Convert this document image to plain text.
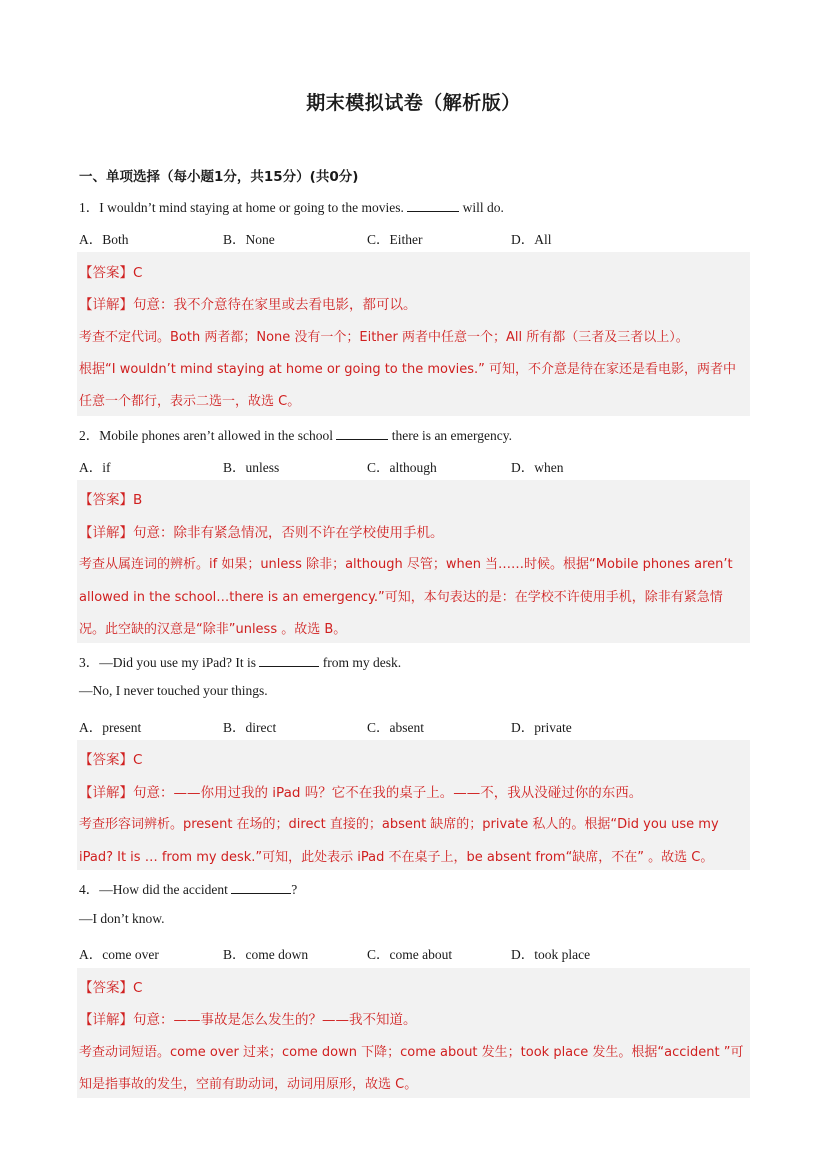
期末模拟试卷（解析版）
一、单项选择（每小题1分，共15分）(共0分)
1．I wouldn’t mind staying at home or going to the movies.	will do.
A．Both	B．None	C．Either	D．All
【答案】C
【详解】句意：我不介意待在家里或去看电影，都可以。
考查不定代词。Both 两者都；None 没有一个；Either 两者中任意一个；All 所有都（三者及三者以上）。
根据“I wouldn’t mind staying at home or going to the movies.” 可知，不介意是待在家还是看电影，两者中
任意一个都行，表示二选一，故选 C。
2．Mobile phones aren’t allowed in the school	there is an emergency.
A．if	B．unless	C．although	D．when
【答案】B
【详解】句意：除非有紧急情况，否则不许在学校使用手机。
考查从属连词的辨析。if 如果；unless 除非；although 尽管；when 当……时候。根据“Mobile phones aren’t
allowed in the school…there is an emergency.”可知，本句表达的是：在学校不许使用手机，除非有紧急情
况。此空缺的汉意是“除非”unless 。故选 B。
3．—Did you use my iPad? It is	from my desk.
—No, I never touched your things.
A．present	B．direct	C．absent	D．private
【答案】C
【详解】句意：——你用过我的 iPad 吗？它不在我的桌子上。——不，我从没碰过你的东西。
考查形容词辨析。present 在场的；direct 直接的；absent 缺席的；private 私人的。根据“Did you use my
iPad? It is … from my desk.”可知，此处表示 iPad 不在桌子上，be absent from“缺席，不在” 。故选 C。
4．—How did the accident	?
—I don’t know.
A．come over	B．come down	C．come about	D．took place
【答案】C
【详解】句意：——事故是怎么发生的？——我不知道。
考查动词短语。come over 过来；come down 下降；come about 发生；took place 发生。根据“accident ”可
知是指事故的发生，空前有助动词，动词用原形，故选 C。
